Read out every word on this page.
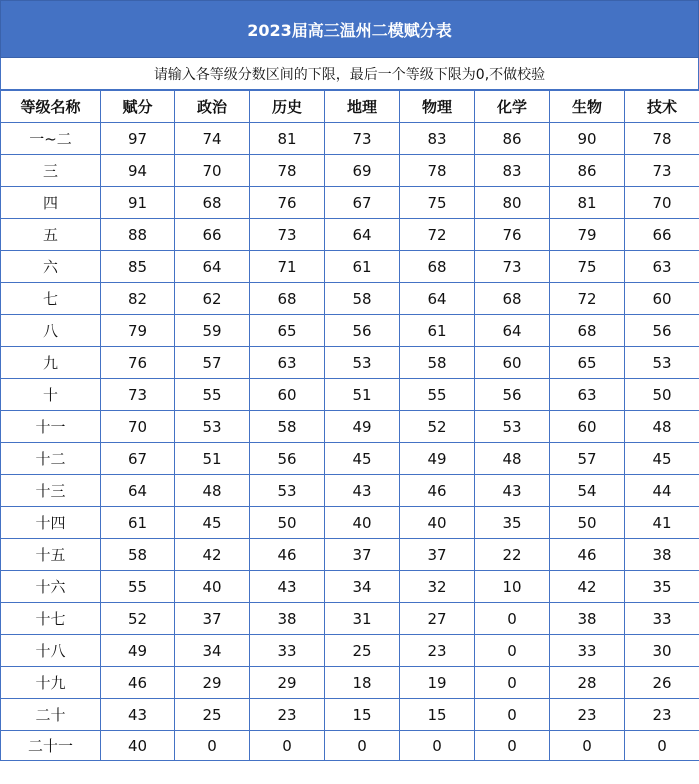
2023届高三温州二模赋分表
请输入各等级分数区间的下限，最后一个等级下限为0,不做校验
等级名称	赋分	政治	历史	地理	物理	化学	生物	技术
一~二	97	74	81	73	83	86	90	78
三	94	70	78	69	78	83	86	73
四	91	68	76	67	75	80	81	70
五	88	66	73	64	72	76	79	66
六	85	64	71	61	68	73	75	63
七	82	62	68	58	64	68	72	60
八	79	59	65	56	61	64	68	56
九	76	57	63	53	58	60	65	53
十	73	55	60	51	55	56	63	50
十一	70	53	58	49	52	53	60	48
十二	67	51	56	45	49	48	57	45
十三	64	48	53	43	46	43	54	44
十四	61	45	50	40	40	35	50	41
十五	58	42	46	37	37	22	46	38
十六	55	40	43	34	32	10	42	35
十七	52	37	38	31	27	0	38	33
十八	49	34	33	25	23	0	33	30
十九	46	29	29	18	19	0	28	26
二十	43	25	23	15	15	0	23	23
二十一	40	0	0	0	0	0	0	0
